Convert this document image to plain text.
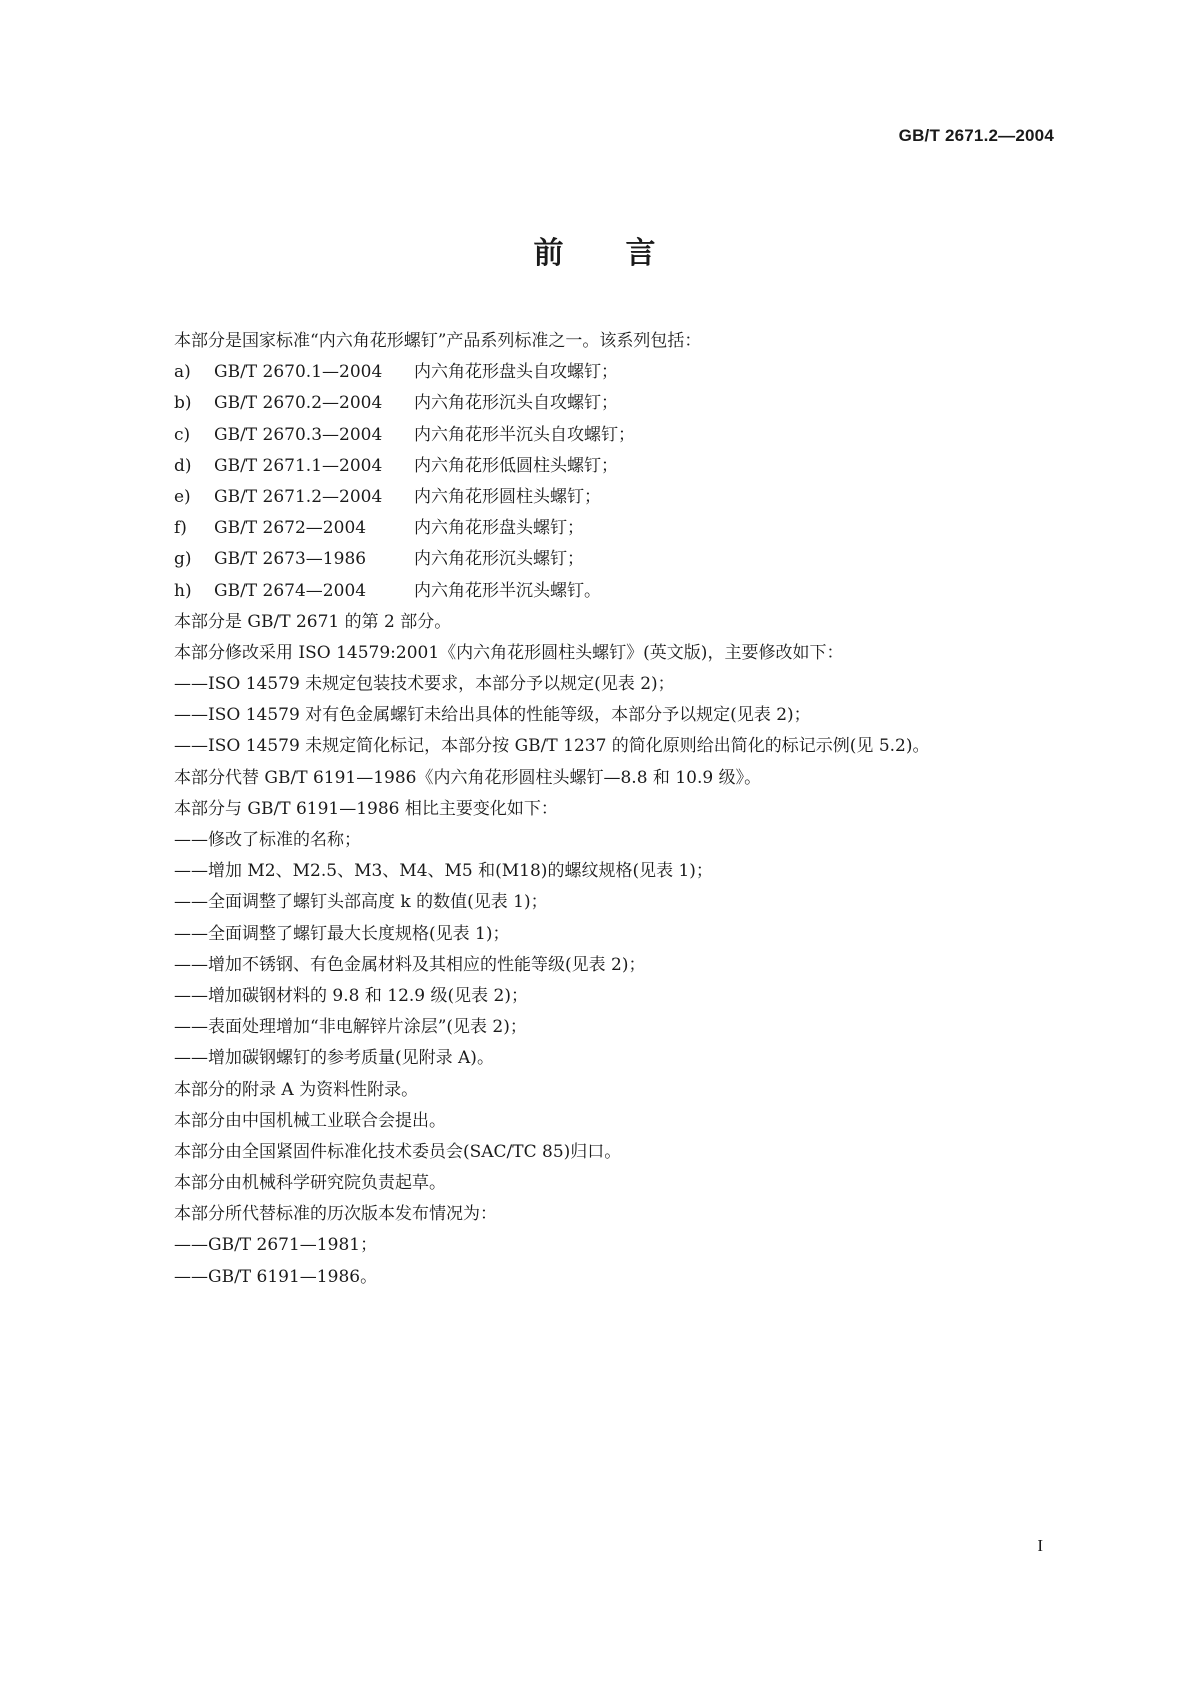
GB/T 2671.2—2004
前 言
本部分是国家标准“内六角花形螺钉”产品系列标准之一。该系列包括：
a) GB/T 2670.1—2004 内六角花形盘头自攻螺钉；
b) GB/T 2670.2—2004 内六角花形沉头自攻螺钉；
c) GB/T 2670.3—2004 内六角花形半沉头自攻螺钉；
d) GB/T 2671.1—2004 内六角花形低圆柱头螺钉；
e) GB/T 2671.2—2004 内六角花形圆柱头螺钉；
f) GB/T 2672—2004	内六角花形盘头螺钉；
g) GB/T 2673—1986	内六角花形沉头螺钉；
h) GB/T 2674—2004	内六角花形半沉头螺钉。
本部分是 GB/T 2671 的第 2 部分。
本部分修改采用 ISO 14579:2001《内六角花形圆柱头螺钉》(英文版)，主要修改如下：
——ISO 14579 未规定包装技术要求，本部分予以规定(见表 2)；
——ISO 14579 对有色金属螺钉未给出具体的性能等级，本部分予以规定(见表 2)；
——ISO 14579 未规定简化标记，本部分按 GB/T 1237 的简化原则给出简化的标记示例(见 5.2)。
本部分代替 GB/T 6191—1986《内六角花形圆柱头螺钉—8.8 和 10.9 级》。
本部分与 GB/T 6191—1986 相比主要变化如下：
——修改了标准的名称；
——增加 M2、M2.5、M3、M4、M5 和(M18)的螺纹规格(见表 1)；
——全面调整了螺钉头部高度 k 的数值(见表 1)；
——全面调整了螺钉最大长度规格(见表 1)；
——增加不锈钢、有色金属材料及其相应的性能等级(见表 2)；
——增加碳钢材料的 9.8 和 12.9 级(见表 2)；
——表面处理增加“非电解锌片涂层”(见表 2)；
——增加碳钢螺钉的参考质量(见附录 A)。
本部分的附录 A 为资料性附录。
本部分由中国机械工业联合会提出。
本部分由全国紧固件标准化技术委员会(SAC/TC 85)归口。
本部分由机械科学研究院负责起草。
本部分所代替标准的历次版本发布情况为：
——GB/T 2671—1981；
——GB/T 6191—1986。
I
